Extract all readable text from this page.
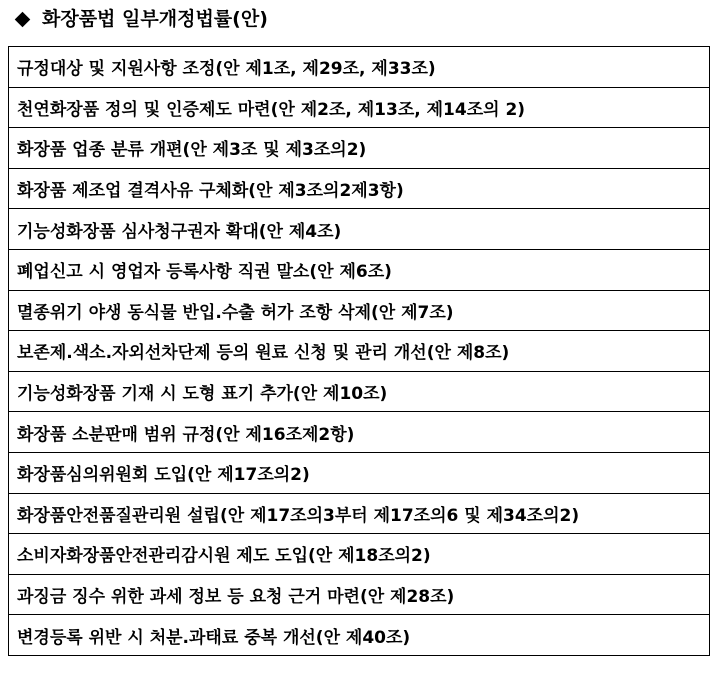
화장품법 일부개정법률(안)
규정대상 및 지원사항 조정(안 제1조, 제29조, 제33조)
천연화장품 정의 및 인증제도 마련(안 제2조, 제13조, 제14조의 2)
화장품 업종 분류 개편(안 제3조 및 제3조의2)
화장품 제조업 결격사유 구체화(안 제3조의2제3항)
기능성화장품 심사청구권자 확대(안 제4조)
폐업신고 시 영업자 등록사항 직권 말소(안 제6조)
멸종위기 야생 동식물 반입.수출 허가 조항 삭제(안 제7조)
보존제.색소.자외선차단제 등의 원료 신청 및 관리 개선(안 제8조)
기능성화장품 기재 시 도형 표기 추가(안 제10조)
화장품 소분판매 범위 규정(안 제16조제2항)
화장품심의위원회 도입(안 제17조의2)
화장품안전품질관리원 설립(안 제17조의3부터 제17조의6 및 제34조의2)
소비자화장품안전관리감시원 제도 도입(안 제18조의2)
과징금 징수 위한 과세 정보 등 요청 근거 마련(안 제28조)
변경등록 위반 시 처분.과태료 중복 개선(안 제40조)
